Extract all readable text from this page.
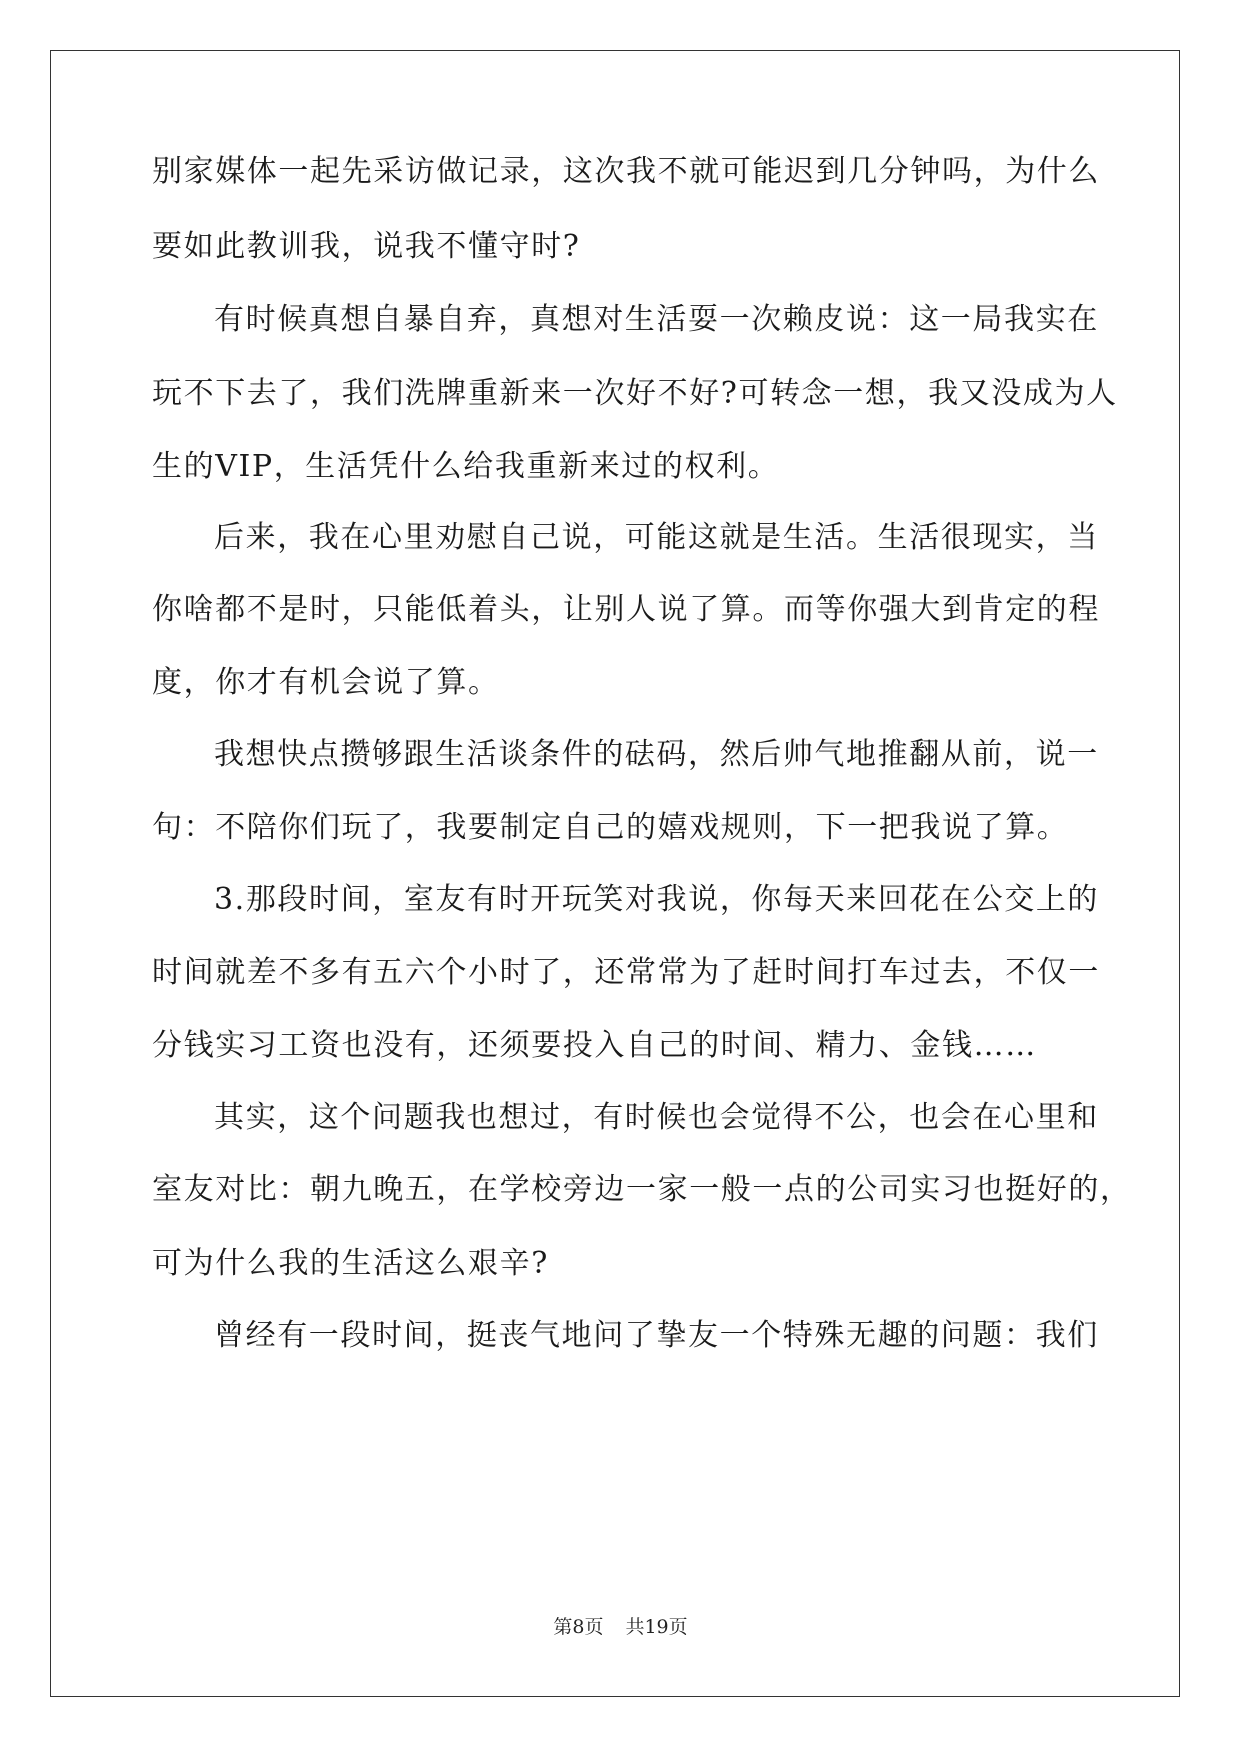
别家媒体一起先采访做记录，这次我不就可能迟到几分钟吗，为什么
要如此教训我，说我不懂守时?
有时候真想自暴自弃，真想对生活耍一次赖皮说：这一局我实在
玩不下去了，我们洗牌重新来一次好不好?可转念一想，我又没成为人
生的VIP，生活凭什么给我重新来过的权利。
后来，我在心里劝慰自己说，可能这就是生活。生活很现实，当
你啥都不是时，只能低着头，让别人说了算。而等你强大到肯定的程
度，你才有机会说了算。
我想快点攒够跟生活谈条件的砝码，然后帅气地推翻从前，说一
句：不陪你们玩了，我要制定自己的嬉戏规则，下一把我说了算。
3.那段时间，室友有时开玩笑对我说，你每天来回花在公交上的
时间就差不多有五六个小时了，还常常为了赶时间打车过去，不仅一
分钱实习工资也没有，还须要投入自己的时间、精力、金钱……
其实，这个问题我也想过，有时候也会觉得不公，也会在心里和
室友对比：朝九晚五，在学校旁边一家一般一点的公司实习也挺好的，
可为什么我的生活这么艰辛?
曾经有一段时间，挺丧气地问了挚友一个特殊无趣的问题：我们
第8页 共19页
